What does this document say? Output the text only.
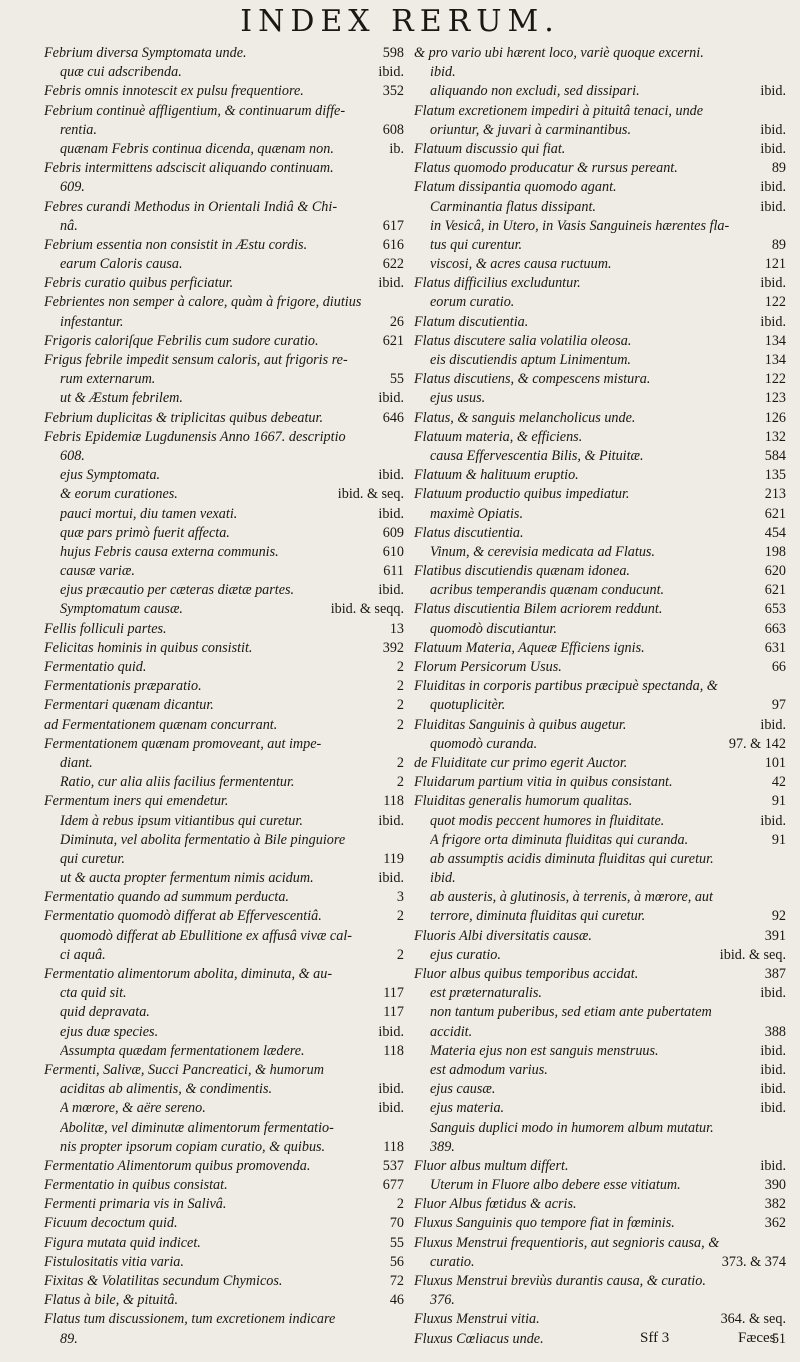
INDEX RERUM.
Febrium diversa Symptomata unde.	598
quæ cui adscribenda.	ibid.
Febris omnis innotescit ex pulsu frequentiore.	352
Febrium continuè affligentium, & continuarum diffe-
rentia.	608
quænam Febris continua dicenda, quænam non.	ib.
Febris intermittens adsciscit aliquando continuam.
609.
Febres curandi Methodus in Orientali Indiâ & Chi-
nâ.	617
Febrium essentia non consistit in Æstu cordis.	616
earum Caloris causa.	622
Febris curatio quibus perficiatur.	ibid.
Febrientes non semper à calore, quàm à frigore, diutius
infestantur.	26
Frigoris caloriſque Febrilis cum sudore curatio.	621
Frigus febrile impedit sensum caloris, aut frigoris re-
rum externarum.	55
ut & Æstum febrilem.	ibid.
Febrium duplicitas & triplicitas quibus debeatur.	646
Febris Epidemiæ Lugdunensis Anno 1667. descriptio
608.
ejus Symptomata.	ibid.
& eorum curationes.	ibid. & seq.
pauci mortui, diu tamen vexati.	ibid.
quæ pars primò fuerit affecta.	609
hujus Febris causa externa communis.	610
causæ variæ.	611
ejus præcautio per cæteras diætæ partes.	ibid.
Symptomatum causæ.	ibid. & seqq.
Fellis folliculi partes.	13
Felicitas hominis in quibus consistit.	392
Fermentatio quid.	2
Fermentationis præparatio.	2
Fermentari quænam dicantur.	2
ad Fermentationem quænam concurrant.	2
Fermentationem quænam promoveant, aut impe-
diant.	2
Ratio, cur alia aliis facilius fermententur.	2
Fermentum iners qui emendetur.	118
Idem à rebus ipsum vitiantibus qui curetur.	ibid.
Diminuta, vel abolita fermentatio à Bile pinguiore
qui curetur.	119
ut & aucta propter fermentum nimis acidum.	ibid.
Fermentatio quando ad summum perducta.	3
Fermentatio quomodò differat ab Effervescentiâ.	2
quomodò differat ab Ebullitione ex affusâ vivæ cal-
ci aquâ.	2
Fermentatio alimentorum abolita, diminuta, & au-
cta quid sit.	117
quid depravata.	117
ejus duæ species.	ibid.
Assumpta quædam fermentationem lædere.	118
Fermenti, Salivæ, Succi Pancreatici, & humorum
aciditas ab alimentis, & condimentis.	ibid.
A mœrore, & aëre sereno.	ibid.
Abolitæ, vel diminutæ alimentorum fermentatio-
nis propter ipsorum copiam curatio, & quibus.	118
Fermentatio Alimentorum quibus promovenda.	537
Fermentatio in quibus consistat.	677
Fermenti primaria vis in Salivâ.	2
Ficuum decoctum quid.	70
Figura mutata quid indicet.	55
Fistulositatis vitia varia.	56
Fixitas & Volatilitas secundum Chymicos.	72
Flatus à bile, & pituitâ.	46
Flatus tum discussionem, tum excretionem indicare
89.
& pro vario ubi hærent loco, variè quoque excerni.
ibid.
aliquando non excludi, sed dissipari.	ibid.
Flatum excretionem impediri à pituitâ tenaci, unde
oriuntur, & juvari à carminantibus.	ibid.
Flatuum discussio qui fiat.	ibid.
Flatus quomodo producatur & rursus pereant.	89
Flatum dissipantia quomodo agant.	ibid.
Carminantia flatus dissipant.	ibid.
in Vesicâ, in Utero, in Vasis Sanguineis hærentes fla-
tus qui curentur.	89
viscosi, & acres causa ructuum.	121
Flatus difficilius excluduntur.	ibid.
eorum curatio.	122
Flatum discutientia.	ibid.
Flatus discutere salia volatilia oleosa.	134
eis discutiendis aptum Linimentum.	134
Flatus discutiens, & compescens mistura.	122
ejus usus.	123
Flatus, & sanguis melancholicus unde.	126
Flatuum materia, & efficiens.	132
causa Effervescentia Bilis, & Pituitæ.	584
Flatuum & halituum eruptio.	135
Flatuum productio quibus impediatur.	213
maximè Opiatis.	621
Flatus discutientia.	454
Vinum, & cerevisia medicata ad Flatus.	198
Flatibus discutiendis quænam idonea.	620
acribus temperandis quænam conducunt.	621
Flatus discutientia Bilem acriorem reddunt.	653
quomodò discutiantur.	663
Flatuum Materia, Aqueæ Efficiens ignis.	631
Florum Persicorum Usus.	66
Fluiditas in corporis partibus præcipuè spectanda, &
quotuplicitèr.	97
Fluiditas Sanguinis à quibus augetur.	ibid.
quomodò curanda.	97. & 142
de Fluiditate cur primo egerit Auctor.	101
Fluidarum partium vitia in quibus consistant.	42
Fluiditas generalis humorum qualitas.	91
quot modis peccent humores in fluiditate.	ibid.
A frigore orta diminuta fluiditas qui curanda.	91
ab assumptis acidis diminuta fluiditas qui curetur.
ibid.
ab austeris, à glutinosis, à terrenis, à mœrore, aut
terrore, diminuta fluiditas qui curetur.	92
Fluoris Albi diversitatis causæ.	391
ejus curatio.	ibid. & seq.
Fluor albus quibus temporibus accidat.	387
est præternaturalis.	ibid.
non tantum puberibus, sed etiam ante pubertatem
accidit.	388
Materia ejus non est sanguis menstruus.	ibid.
est admodum varius.	ibid.
ejus causæ.	ibid.
ejus materia.	ibid.
Sanguis duplici modo in humorem album mutatur.
389.
Fluor albus multum differt.	ibid.
Uterum in Fluore albo debere esse vitiatum.	390
Fluor Albus fœtidus & acris.	382
Fluxus Sanguinis quo tempore fiat in fœminis.	362
Fluxus Menstrui frequentioris, aut segnioris causa, &
curatio.	373. & 374
Fluxus Menstrui breviùs durantis causa, & curatio.
376.
Fluxus Menstrui vitia.	364. & seq.
Fluxus Cœliacus unde.	51
Sff 3	Fæces
